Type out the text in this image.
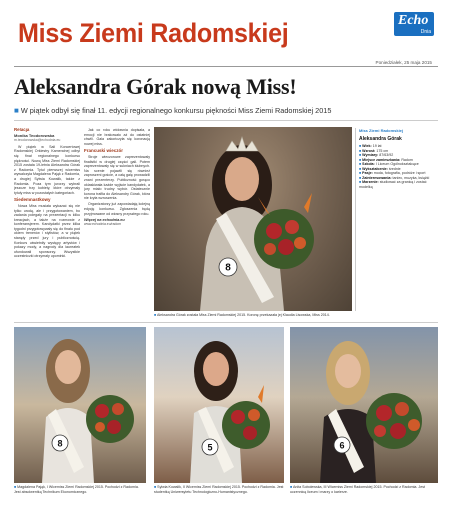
Miss Ziemi Radomskiej	Echo
Dnia
Poniedziałek, 25 maja 2015
Aleksandra Górak nową Miss!
■ W piątek odbył się finał 11. edycji regionalnego konkursu piękności Miss Ziemi Radomskiej 2015
Relacja
Monika Teodorowska
m.teodorowska@echodnia.eu

W piątek w Sali Koncertowej Radomskiej Orkiestry Kameralnej odbył się finał regionalnego konkursu piękności. Nową Miss Ziemi Radomskiej 2015 została 19-letnia Aleksandra Górak z Radomia. Tytuł pierwszej wicemiss wywalczyła Magdalena Pająk z Radomia, a drugiej Sylwia Kowalik, także z Radomia. Poza tym jurorzy wybrali jeszcze trzy kobiety, które otrzymały tytuły miss w pozostałych kategoriach.

Siedemnastkowy

Nowa Miss musiała wykazać się nie tylko urodą, ale i przygotowaniem, bo zadania polegały na prezentacji w kilku kreacjach, a także na rozmowie z konferansjerem. Kandydatki przez kilka tygodni przygotowywały się do finału pod okiem trenerów i stylistów, a w piątek stanęły przed jury i publicznością. Konkurs uświetniły występy artystów i pokazy mody, a nagrody dla laureatek ufundowali sponsorzy. Wszystkie uczestniczki otrzymały upominki.

Jak co roku widownia dopisała, a emocji nie brakowało aż do ostatniej chwili. Gala zakończyła się koronacją nowej miss.

Francuski wieczór

Stroje wieczorowe zaprezentowały finalistki w drugiej części gali. Potem zaprezentowały się w sukniach ślubnych. Na scenie pojawili się również zaproszeni goście, a całą galę prowadzili znani prezenterzy. Publiczność gorąco oklaskiwała każde wyjście kandydatek, a jury miało trudny wybór. Ostatecznie korona trafiła do Aleksandry Górak, która nie kryła wzruszenia.

Organizatorzy już zapowiadają kolejną edycję konkursu. Zgłoszenia będą przyjmowane od wiosny przyszłego roku.

Więcej na echodnia.eu
www.echodnia.eu/radom
8
■ Aleksandra Górak została Miss Ziemi Radomskiej 2015. Koronę przekazała jej Klaudia Lisowska, Miss 2014.
Miss Ziemi Radomskiej
Aleksandra Górak
■ Wiek: 19 lat
■ Wzrost: 175 cm
■ Wymiary: 87/63/92
■ Miejsce zamieszkania: Radom
■ Szkoła: I Liceum Ogólnokształcące
■ Wykształcenie: średnie
■ Pasje: moda, fotografia, podróże i sport
■ Zainteresowania: taniec, muzyka, książki
■ Marzenie: studiować za granicą i zostać modelką
8
■ Magdalena Pająk, I Wicemiss Ziemi Radomskiej 2015. Pochodzi z Radomia. Jest absolwentką Technikum Ekonomicznego.
5
■ Sylwia Kowalik, II Wicemiss Ziemi Radomskiej 2015. Pochodzi z Radomia. Jest studentką Uniwersytetu Technologiczno-Humanistycznego.
6
■ Anita Sobolewska, III Wicemiss Ziemi Radomskiej 2015. Pochodzi z Radomia. Jest uczennicą liceum i marzy o karierze.
